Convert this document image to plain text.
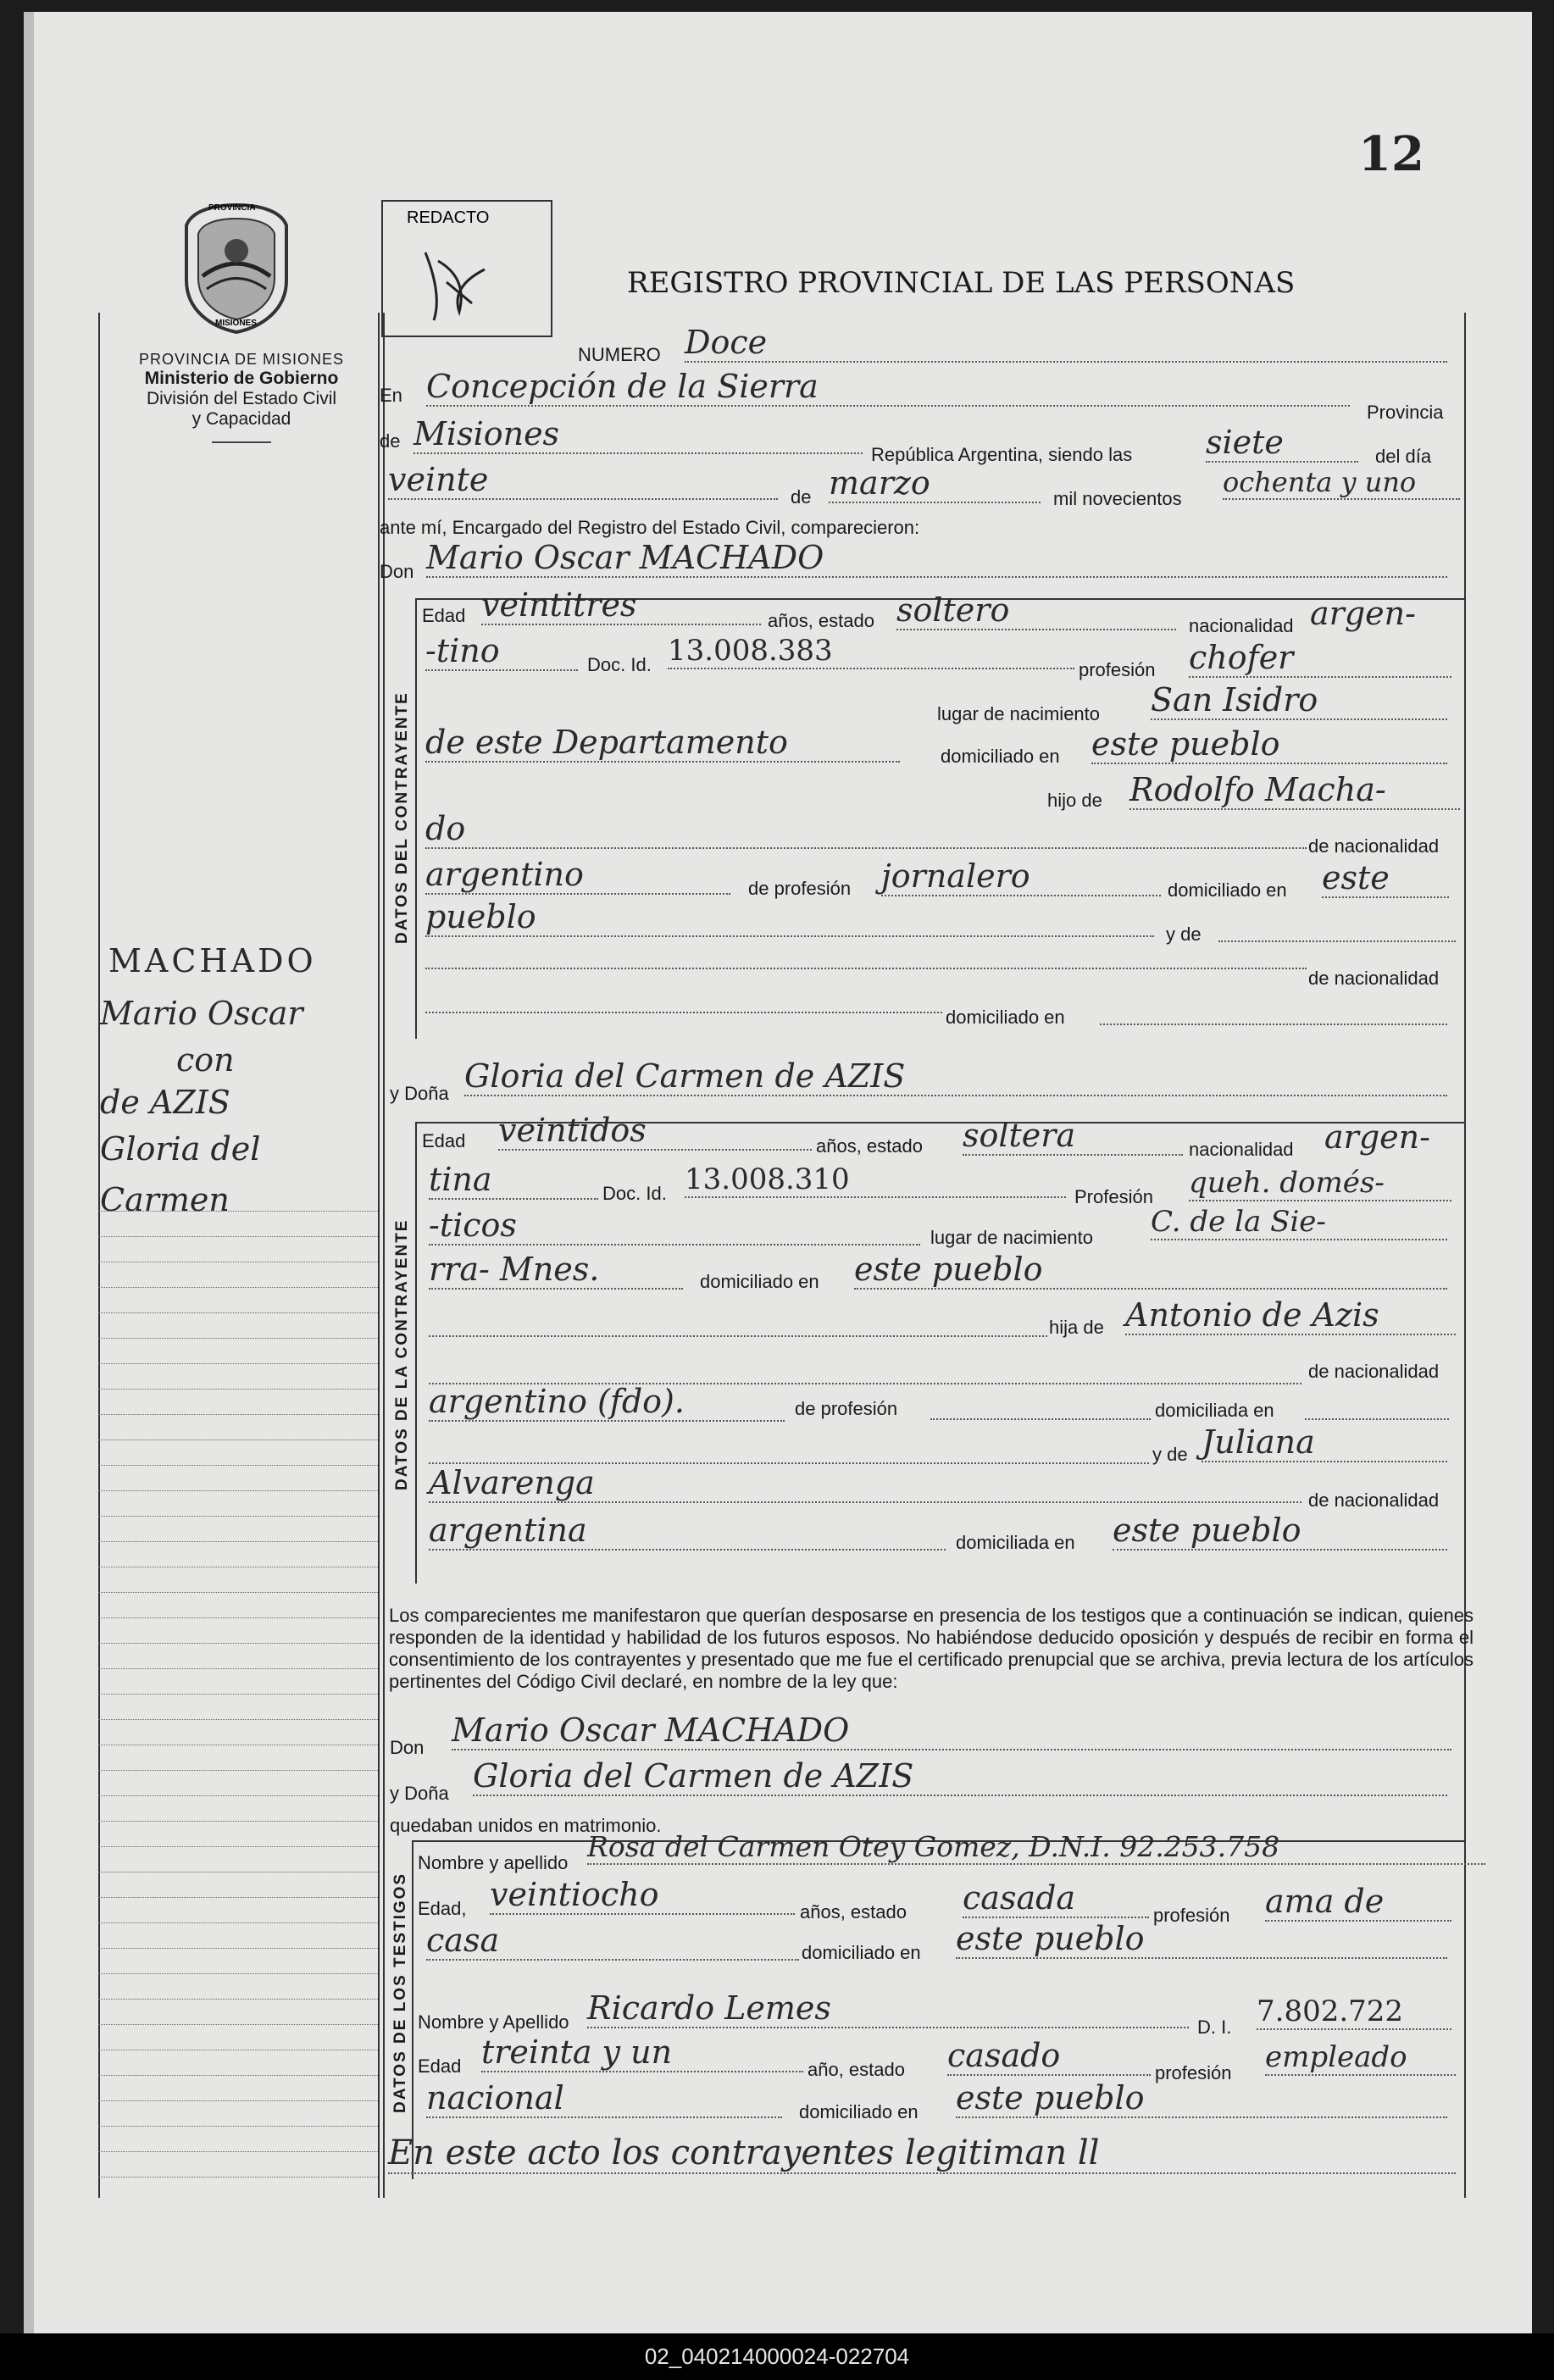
12
PROVINCIA
MISIONES
PROVINCIA DE MISIONES
Ministerio de Gobierno
División del Estado Civil
y Capacidad
MACHADO
Mario Oscar
con
de AZIS
Gloria del
Carmen
REDACTO
REGISTRO PROVINCIAL DE LAS PERSONAS
NUMERO Doce
En Concepción de la Sierra
Provincia
de Misiones
República Argentina, siendo las siete	del día
veinte	de marzo	mil novecientos
ochenta y uno
ante mí, Encargado del Registro del Estado Civil, comparecieron:
Don Mario Oscar MACHADO
DATOS DEL CONTRAYENTE
Edad veintitres	años, estado soltero	nacionalidad argen-
-tino	Doc. Id. 13.008.383
profesión chofer
lugar de nacimiento San Isidro
de este Departamento	domiciliado en este pueblo
hijo de Rodolfo Macha-
do	de nacionalidad
argentino	de profesión jornalero	domiciliado en este
pueblo	y de
de nacionalidad
domiciliado en
y Doña Gloria del Carmen de AZIS
DATOS DE LA CONTRAYENTE
Edad veintidos	años, estado soltera	nacionalidad argen-
tina	Doc. Id. 13.008.310
Profesión queh. domés-
-ticos	lugar de nacimiento C. de la Sie-
rra- Mnes.	domiciliado en este pueblo
hija de Antonio de Azis
de nacionalidad
argentino (fdo).	de profesión	domiciliada en
y de Juliana
Alvarenga	de nacionalidad
argentina	domiciliada en este pueblo
Los comparecientes me manifestaron que querían desposarse en presencia de los testigos que a continuación se indican, quienes responden de la identidad y habilidad de los futuros esposos. No habiéndose deducido oposición y después de recibir en forma el consentimiento de los contrayentes y presentado que me fue el certificado prenupcial que se archiva, previa lectura de los artículos pertinentes del Código Civil declaré, en nombre de la ley que:
Don Mario Oscar MACHADO
y Doña Gloria del Carmen de AZIS
quedaban unidos en matrimonio.
DATOS DE LOS TESTIGOS
Nombre y apellido Rosa del Carmen Otey Gomez, D.N.I. 92.253.758
Edad, veintiocho	años, estado casada	profesión ama de
casa	domiciliado en este pueblo
Nombre y Apellido Ricardo Lemes
D. I. 7.802.722
Edad treinta y un	año, estado casado	profesión empleado
nacional	domiciliado en este pueblo
En este acto los contrayentes legitiman ll
02_040214000024-022704
